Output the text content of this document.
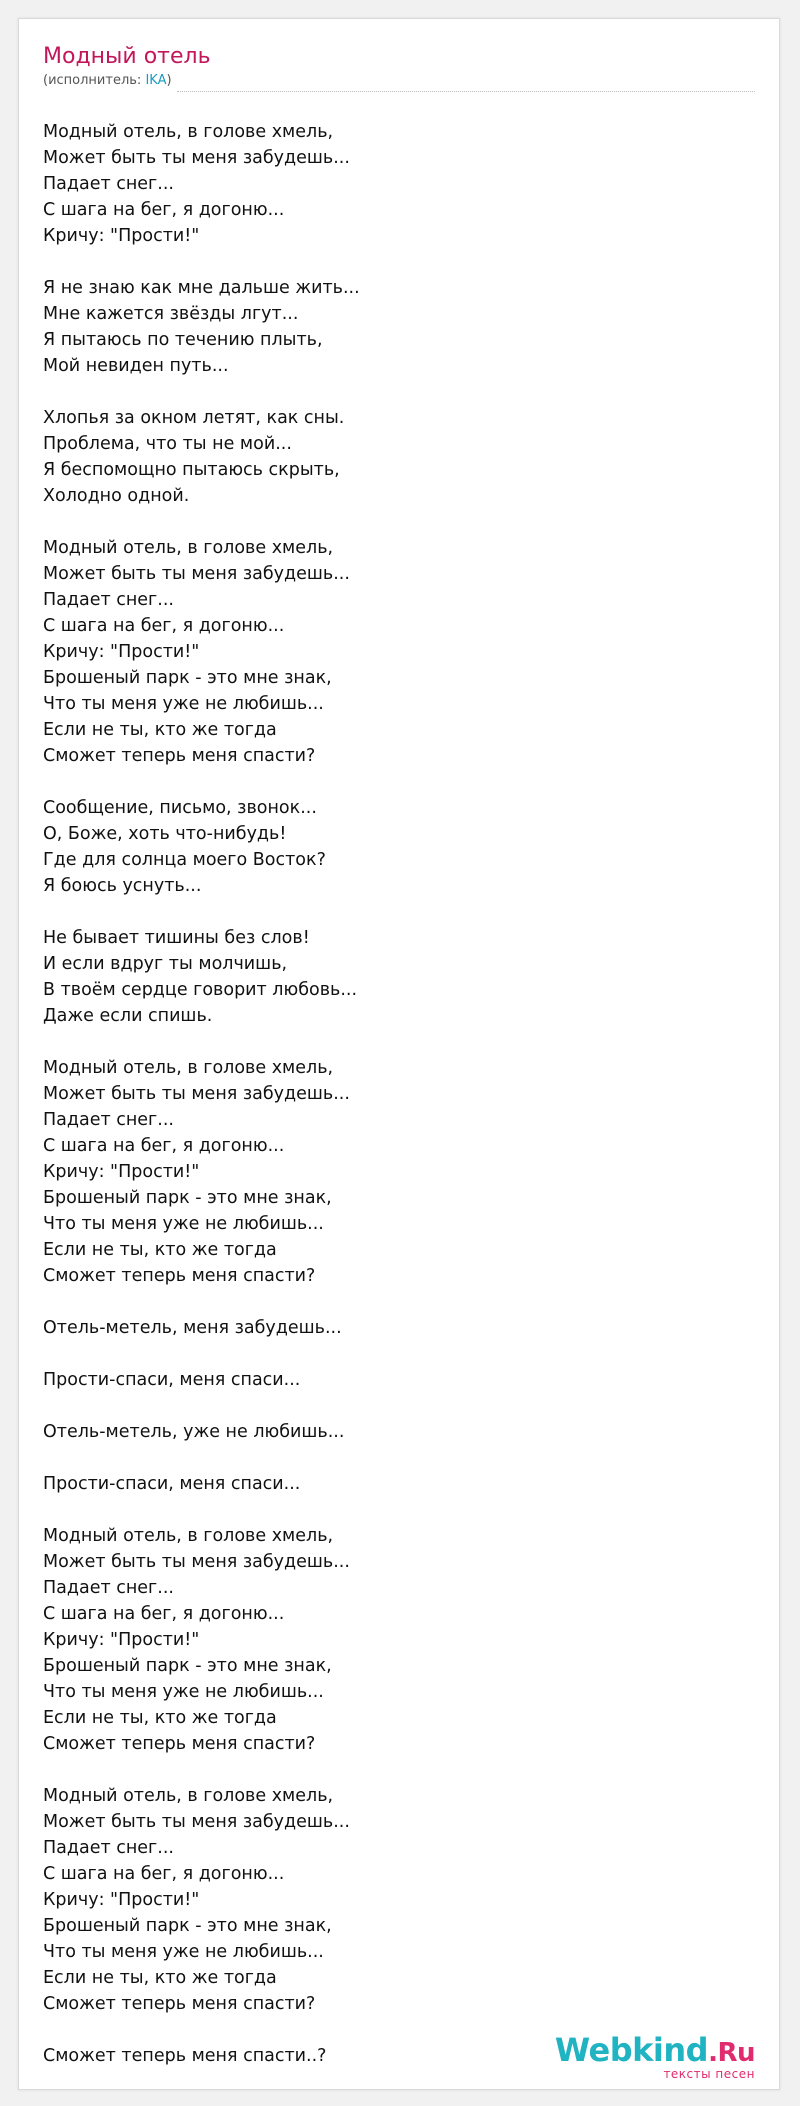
Модный отель
(исполнитель: IKA)
Модный отель, в голове хмель,
Может быть ты меня забудешь...
Падает снег...
С шага на бег, я догоню...
Кричу: "Прости!"
Я не знаю как мне дальше жить...
Мне кажется звёзды лгут...
Я пытаюсь по течению плыть,
Мой невиден путь...
Хлопья за окном летят, как сны.
Проблема, что ты не мой...
Я беспомощно пытаюсь скрыть,
Холодно одной.
Модный отель, в голове хмель,
Может быть ты меня забудешь...
Падает снег...
С шага на бег, я догоню...
Кричу: "Прости!"
Брошеный парк - это мне знак,
Что ты меня уже не любишь...
Если не ты, кто же тогда
Сможет теперь меня спасти?
Сообщение, письмо, звонок...
О, Боже, хоть что-нибудь!
Где для солнца моего Восток?
Я боюсь уснуть...
Не бывает тишины без слов!
И если вдруг ты молчишь,
В твоём сердце говорит любовь...
Даже если спишь.
Модный отель, в голове хмель,
Может быть ты меня забудешь...
Падает снег...
С шага на бег, я догоню...
Кричу: "Прости!"
Брошеный парк - это мне знак,
Что ты меня уже не любишь...
Если не ты, кто же тогда
Сможет теперь меня спасти?
Отель-метель, меня забудешь...
Прости-спаси, меня спаси...
Отель-метель, уже не любишь...
Прости-спаси, меня спаси...
Модный отель, в голове хмель,
Может быть ты меня забудешь...
Падает снег...
С шага на бег, я догоню...
Кричу: "Прости!"
Брошеный парк - это мне знак,
Что ты меня уже не любишь...
Если не ты, кто же тогда
Сможет теперь меня спасти?
Модный отель, в голове хмель,
Может быть ты меня забудешь...
Падает снег...
С шага на бег, я догоню...
Кричу: "Прости!"
Брошеный парк - это мне знак,
Что ты меня уже не любишь...
Если не ты, кто же тогда
Сможет теперь меня спасти?
Сможет теперь меня спасти..?	Webkind.Ru
тексты песен
